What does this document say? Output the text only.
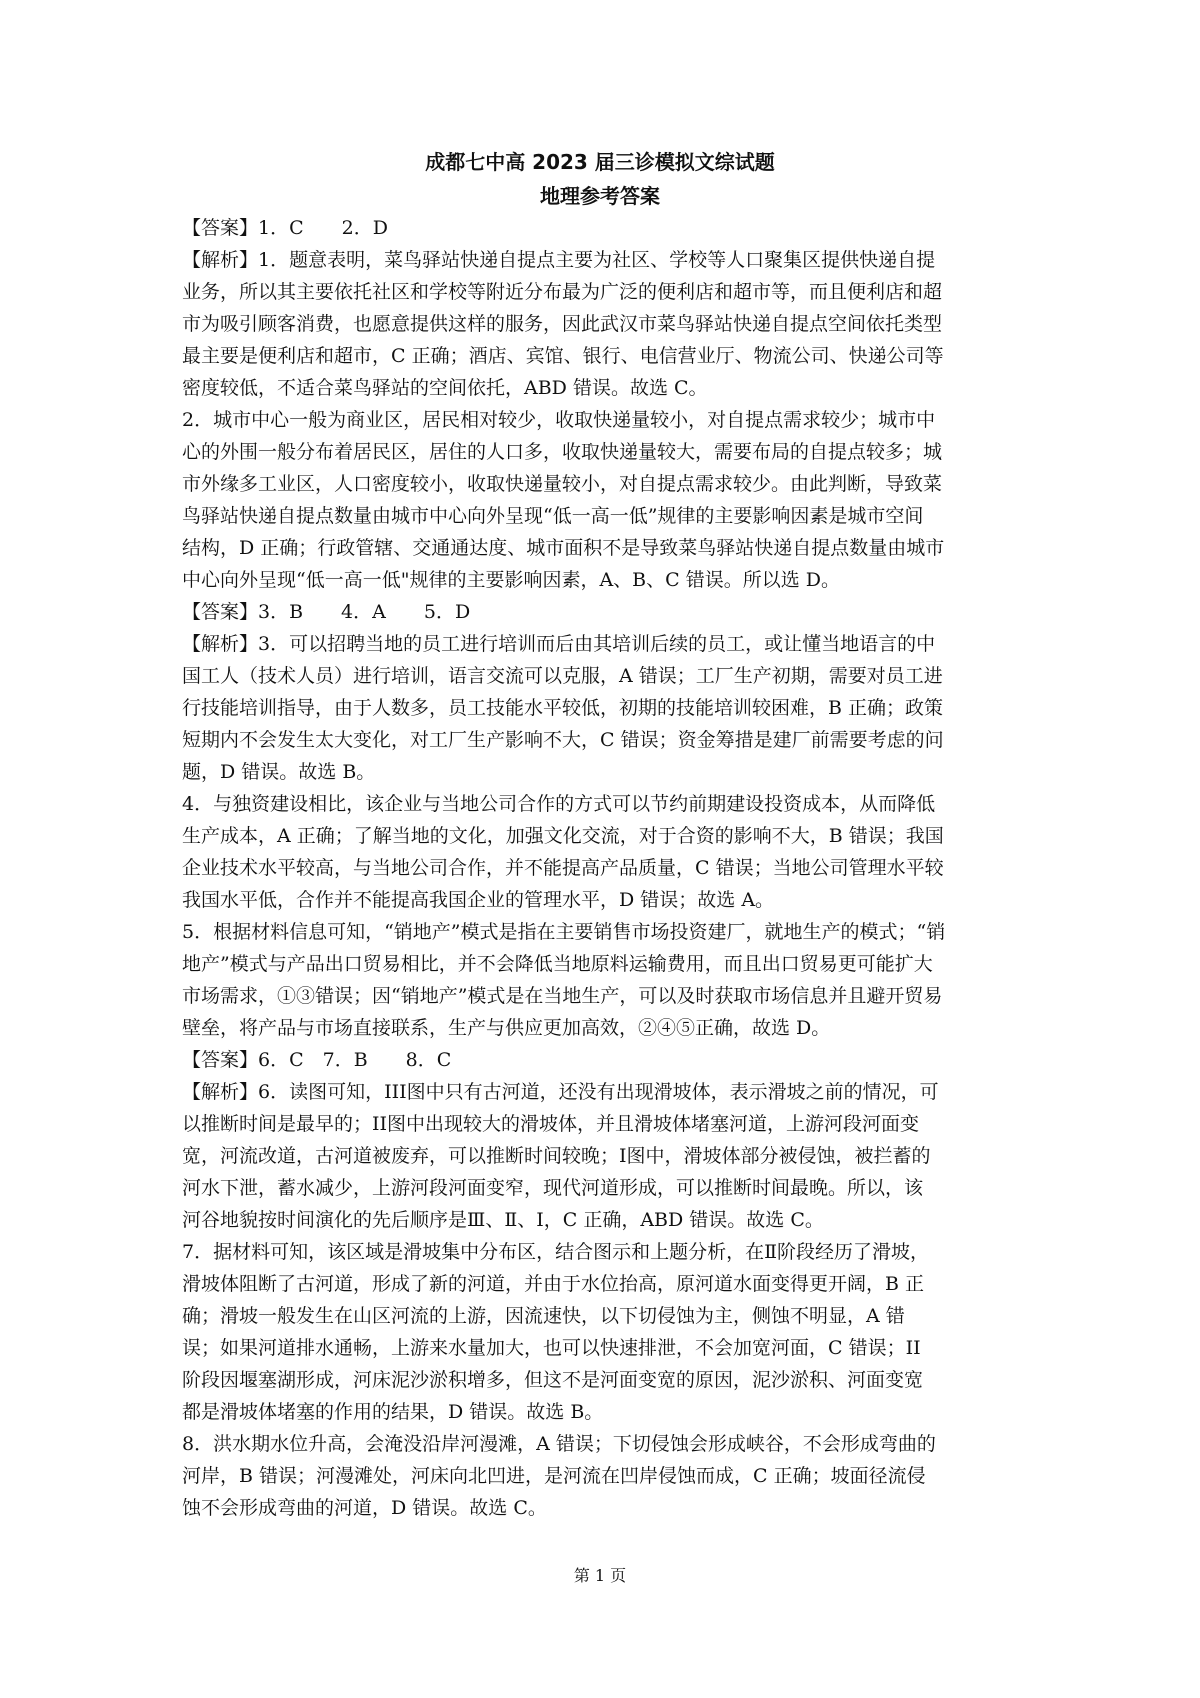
成都七中高 2023 届三诊模拟文综试题
地理参考答案
【答案】1．C　　2．D
【解析】1．题意表明，菜鸟驿站快递自提点主要为社区、学校等人口聚集区提供快递自提
业务，所以其主要依托社区和学校等附近分布最为广泛的便利店和超市等，而且便利店和超
市为吸引顾客消费，也愿意提供这样的服务，因此武汉市菜鸟驿站快递自提点空间依托类型
最主要是便利店和超市，C 正确；酒店、宾馆、银行、电信营业厅、物流公司、快递公司等
密度较低，不适合菜鸟驿站的空间依托，ABD 错误。故选 C。
2．城市中心一般为商业区，居民相对较少，收取快递量较小，对自提点需求较少；城市中
心的外围一般分布着居民区，居住的人口多，收取快递量较大，需要布局的自提点较多；城
市外缘多工业区，人口密度较小，收取快递量较小，对自提点需求较少。由此判断，导致菜
鸟驿站快递自提点数量由城市中心向外呈现“低一高一低”规律的主要影响因素是城市空间
结构，D 正确；行政管辖、交通通达度、城市面积不是导致菜鸟驿站快递自提点数量由城市
中心向外呈现“低一高一低"规律的主要影响因素，A、B、C 错误。所以选 D。
【答案】3．B　　4．A　　5．D
【解析】3．可以招聘当地的员工进行培训而后由其培训后续的员工，或让懂当地语言的中
国工人（技术人员）进行培训，语言交流可以克服，A 错误；工厂生产初期，需要对员工进
行技能培训指导，由于人数多，员工技能水平较低，初期的技能培训较困难，B 正确；政策
短期内不会发生太大变化，对工厂生产影响不大，C 错误；资金筹措是建厂前需要考虑的问
题，D 错误。故选 B。
4．与独资建设相比，该企业与当地公司合作的方式可以节约前期建设投资成本，从而降低
生产成本，A 正确；了解当地的文化，加强文化交流，对于合资的影响不大，B 错误；我国
企业技术水平较高，与当地公司合作，并不能提高产品质量，C 错误；当地公司管理水平较
我国水平低，合作并不能提高我国企业的管理水平，D 错误；故选 A。
5．根据材料信息可知，“销地产”模式是指在主要销售市场投资建厂，就地生产的模式；“销
地产”模式与产品出口贸易相比，并不会降低当地原料运输费用，而且出口贸易更可能扩大
市场需求，①③错误；因“销地产”模式是在当地生产，可以及时获取市场信息并且避开贸易
壁垒，将产品与市场直接联系，生产与供应更加高效，②④⑤正确，故选 D。
【答案】6．C　7．B　　8．C
【解析】6．读图可知，III图中只有古河道，还没有出现滑坡体，表示滑坡之前的情况，可
以推断时间是最早的；II图中出现较大的滑坡体，并且滑坡体堵塞河道，上游河段河面变
宽，河流改道，古河道被废弃，可以推断时间较晚；I图中，滑坡体部分被侵蚀，被拦蓄的
河水下泄，蓄水减少，上游河段河面变窄，现代河道形成，可以推断时间最晚。所以，该
河谷地貌按时间演化的先后顺序是Ⅲ、Ⅱ、Ⅰ，C 正确，ABD 错误。故选 C。
7．据材料可知，该区域是滑坡集中分布区，结合图示和上题分析，在Ⅱ阶段经历了滑坡，
滑坡体阻断了古河道，形成了新的河道，并由于水位抬高，原河道水面变得更开阔，B 正
确；滑坡一般发生在山区河流的上游，因流速快，以下切侵蚀为主，侧蚀不明显，A 错
误；如果河道排水通畅，上游来水量加大，也可以快速排泄，不会加宽河面，C 错误；II
阶段因堰塞湖形成，河床泥沙淤积增多，但这不是河面变宽的原因，泥沙淤积、河面变宽
都是滑坡体堵塞的作用的结果，D 错误。故选 B。
8．洪水期水位升高，会淹没沿岸河漫滩，A 错误；下切侵蚀会形成峡谷，不会形成弯曲的
河岸，B 错误；河漫滩处，河床向北凹进，是河流在凹岸侵蚀而成，C 正确；坡面径流侵
蚀不会形成弯曲的河道，D 错误。故选 C。
第 1 页
